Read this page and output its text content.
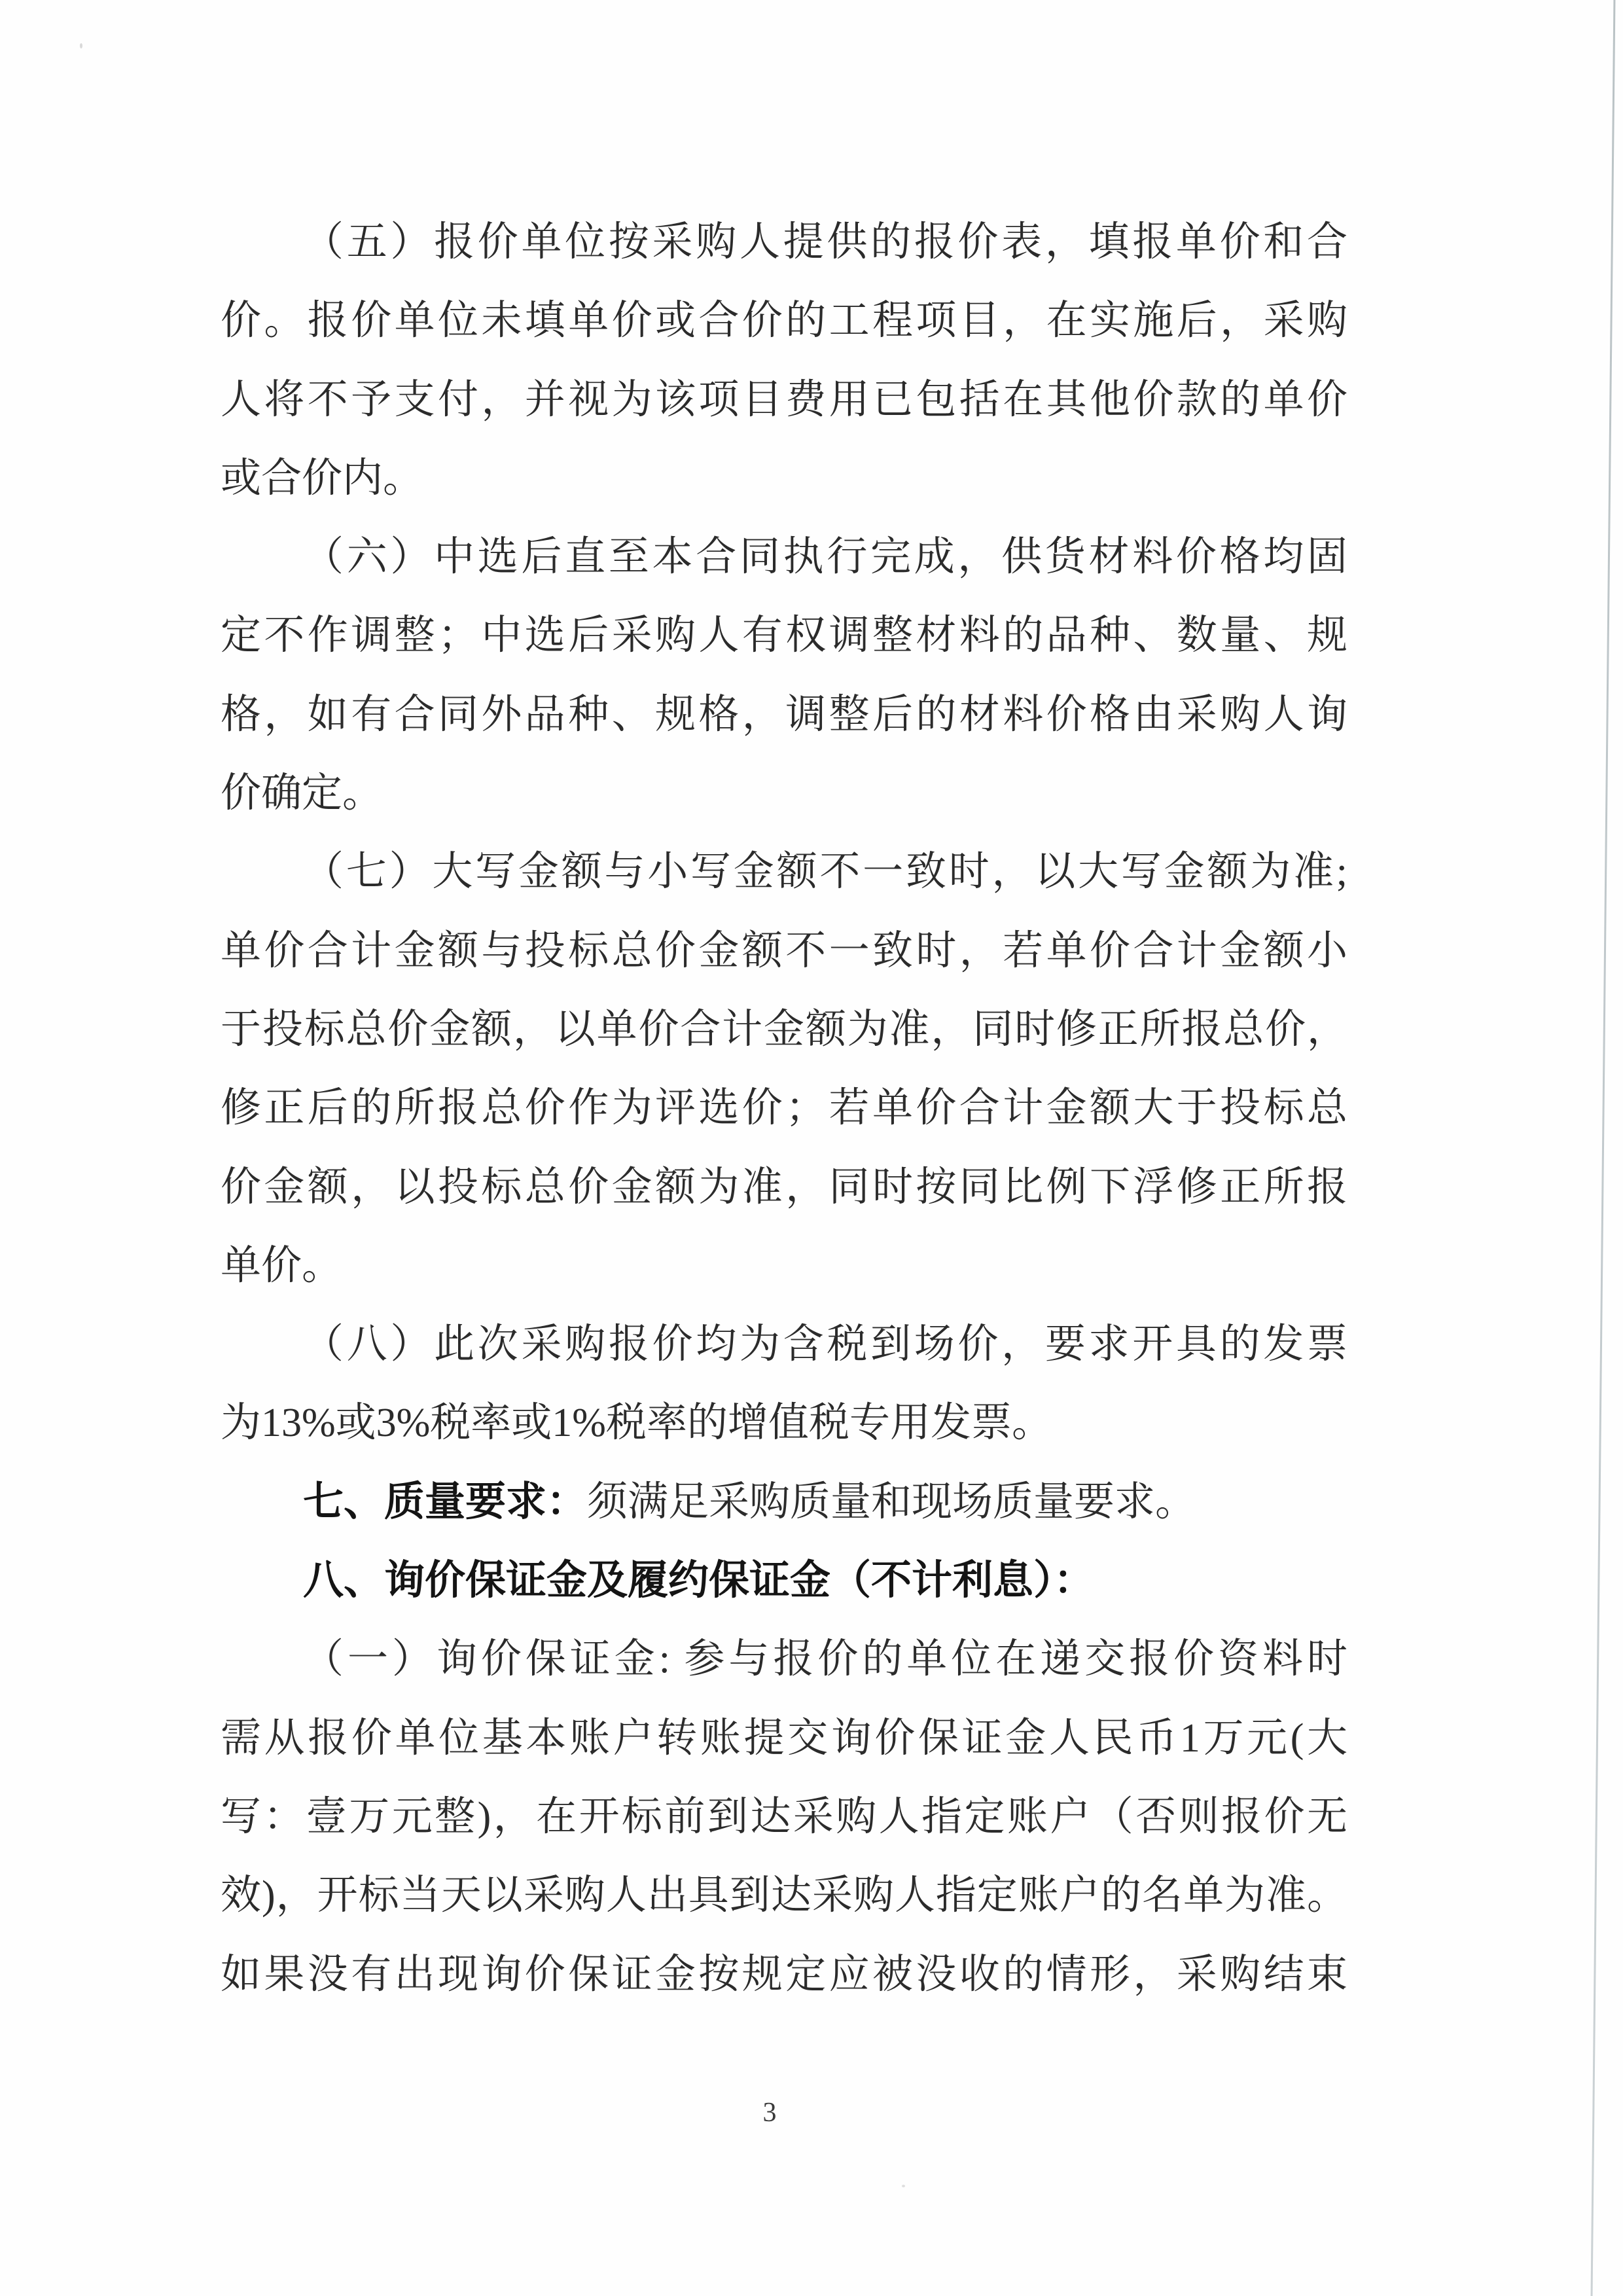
（五）报价单位按采购人提供的报价表，填报单价和合
价。报价单位未填单价或合价的工程项目，在实施后，采购
人将不予支付，并视为该项目费用已包括在其他价款的单价
或合价内。
（六）中选后直至本合同执行完成，供货材料价格均固
定不作调整；中选后采购人有权调整材料的品种、数量、规
格，如有合同外品种、规格，调整后的材料价格由采购人询
价确定。
（七）大写金额与小写金额不一致时，以大写金额为准;
单价合计金额与投标总价金额不一致时，若单价合计金额小
于投标总价金额，以单价合计金额为准，同时修正所报总价，
修正后的所报总价作为评选价；若单价合计金额大于投标总
价金额，以投标总价金额为准，同时按同比例下浮修正所报
单价。
（八）此次采购报价均为含税到场价，要求开具的发票
为13%或3%税率或1%税率的增值税专用发票。
七、质量要求：须满足采购质量和现场质量要求。
八、询价保证金及履约保证金（不计利息）：
（一）询价保证金: 参与报价的单位在递交报价资料时
需从报价单位基本账户转账提交询价保证金人民币1万元(大
写：壹万元整)，在开标前到达采购人指定账户（否则报价无
效)，开标当天以采购人出具到达采购人指定账户的名单为准。
如果没有出现询价保证金按规定应被没收的情形，采购结束
3
